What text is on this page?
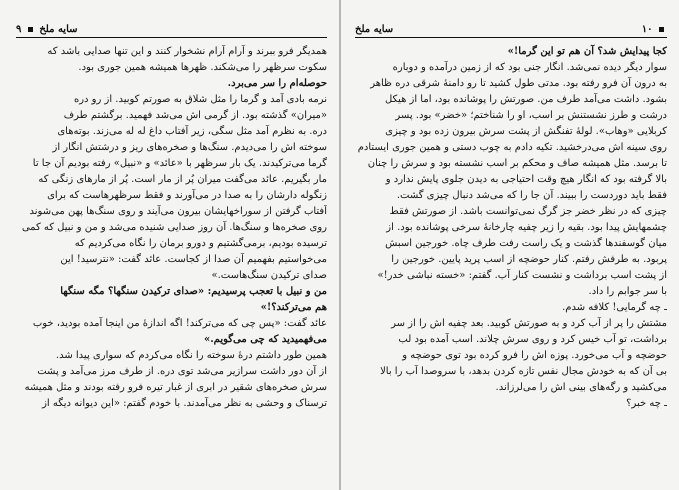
سایه ملخ  ۹
همدیگر فرو ببرند و آرام آرام نشخوار کنند و این تنها صدایی باشد که
سکوت سرظهر را می‌شکند. ظهرها همیشه همین جوری بود.
حوصله‌ام را سر می‌برد.
نرمه بادی آمد و گرما را مثل شلاق به صورتم کوبید. از رو دره
«میران» گذشته بود. از گرمی اش می‌شد فهمید. برگشتم طرف
دره. به نظرم آمد مثل سگی، زیر آفتاب داغ له له می‌زند. بوته‌های
سوخته اش را می‌دیدم. سنگ‌ها و صخره‌های ریز و درشتش انگار از
گرما می‌ترکیدند. یک بار سرظهر با «عائد» و «نبیل» رفته بودیم آن جا تا
مار بگیریم. عائد می‌گفت میران پُر از مار است. پُر از مارهای زنگی که
زنگوله دارشان را به صدا در می‌آورند و فقط سرظهرهاست که برای
آفتاب گرفتن از سوراخهایشان بیرون می‌آیند و روی سنگ‌ها پهن می‌شوند
روی صخره‌ها و سنگ‌ها. آن روز صدایی شنیده می‌شد و من و نبیل که کمی
ترسیده بودیم، برمی‌گشتیم و دورو برمان را نگاه می‌کردیم که
می‌خواستیم بفهمیم آن صدا از کجاست. عائد گفت: «نترسید! این
صدای ترکیدن سنگ‌هاست.»
من و نبیل با تعجب پرسیدیم: «صدای ترکیدن سنگها؟ مگه سنگها
هم می‌ترکند؟!»
عائد گفت: «پس چی که می‌ترکند! اگه اندازهٔ من اینجا آمده بودید، خوب
می‌فهمیدید که چی می‌گویم.»
همین طور داشتم درهٔ سوخته را نگاه می‌کردم که سواری پیدا شد.
از آن دور داشت سرازیر می‌شد توی دره. از طرف مرز می‌آمد و پشت
سرش صخره‌های شقیر در ابری از غبار تیره فرو رفته بودند و مثل همیشه
ترسناک و وحشی به نظر می‌آمدند. با خودم گفتم: «این دیوانه دیگه از
سایه ملخ	۱۰
کجا پیدایش شد؟ آن هم تو این گرما!»
سوار دیگر دیده نمی‌شد. انگار جنی بود که از زمین درآمده و دوباره
به درون آن فرو رفته بود. مدتی طول کشید تا رو دامنهٔ شرقی دره ظاهر
بشود. داشت می‌آمد طرف من. صورتش را پوشانده بود، اما از هیکل
درشت و طرز نشستنش بر اسب، او را شناختم؛ «خضر» بود. پسر
کربلایی «وهاب». لولهٔ تفنگش از پشت سرش بیرون زده بود و چیزی
روی سینه اش می‌درخشید. تکیه دادم به چوب دستی و همین جوری ایستادم
تا برسد. مثل همیشه صاف و محکم بر اسب نشسته بود و سرش را چنان
بالا گرفته بود که انگار هیچ وقت احتیاجی به دیدن جلوی پایش ندارد و
فقط باید دوردست را ببیند. آن جا را که می‌شد دنبال چیزی گشت.
چیزی که در نظر خضر جز گرگ نمی‌توانست باشد. از صورتش فقط
چشمهایش پیدا بود. بقیه را زیر چفیه چارخانهٔ سرخی پوشانده بود. از
میان گوسفندها گذشت و یک راست رفت طرف چاه. خورجین اسبش
پربود. به طرفش رفتم. کنار حوضچه از اسب پرید پایین. خورجین را
از پشت اسب برداشت و نشست کنار آب. گفتم: «خسته نباشی خدر!»
با سر جوابم را داد.
ـ چه گرمایی! کلافه شدم.
مشتش را پر از آب کرد و به صورتش کوبید. بعد چفیه اش را از سر
برداشت، تو آب خیس کرد و روی سرش چلاند. اسب آمده بود لب
حوضچه و آب می‌خورد. پوزه اش را فرو کرده بود توی حوضچه و
بی آن که به خودش مجال نفس تازه کردن بدهد، با سروصدا آب را بالا
می‌کشید و رگه‌های بینی اش را می‌لرزاند.
ـ چه خبر؟
